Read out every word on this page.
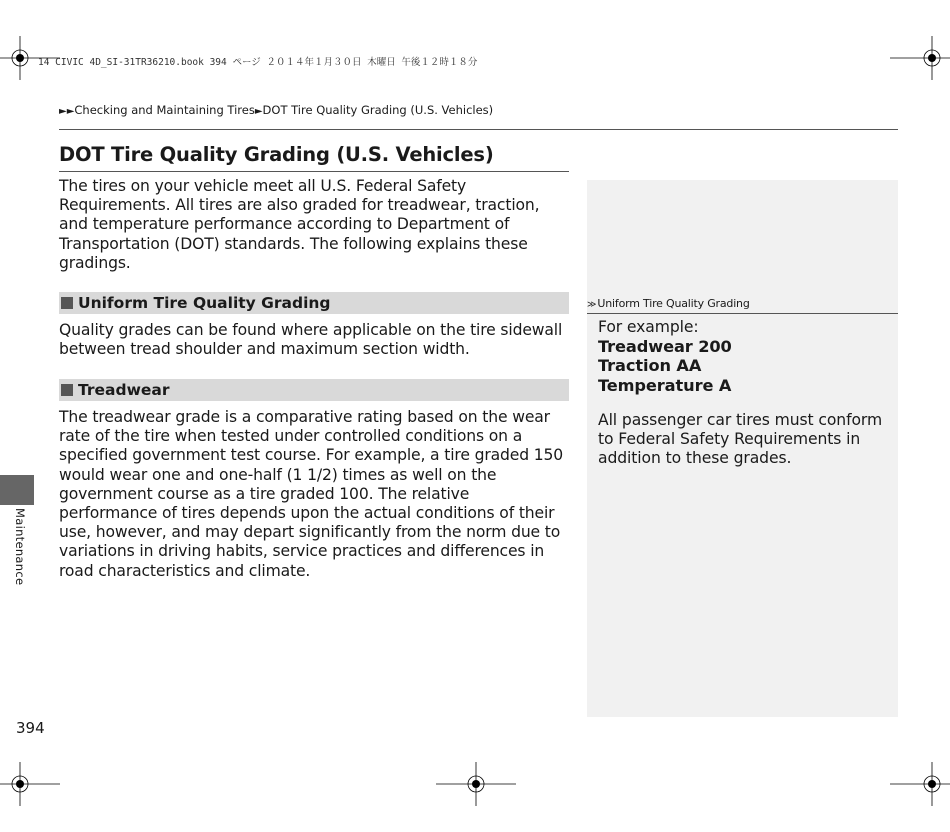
14 CIVIC 4D_SI-31TR36210.book 394 ページ ２０１４年１月３０日 木曜日 午後１２時１８分
►►Checking and Maintaining Tires►DOT Tire Quality Grading (U.S. Vehicles)
DOT Tire Quality Grading (U.S. Vehicles)

The tires on your vehicle meet all U.S. Federal Safety Requirements. All tires are also graded for treadwear, traction, and temperature performance according to Department of Transportation (DOT) standards. The following explains these gradings.

Uniform Tire Quality Grading

Quality grades can be found where applicable on the tire sidewall between tread shoulder and maximum section width.

Treadwear

The treadwear grade is a comparative rating based on the wear rate of the tire when tested under controlled conditions on a specified government test course. For example, a tire graded 150 would wear one and one-half (1 1/2) times as well on the government course as a tire graded 100. The relative performance of tires depends upon the actual conditions of their use, however, and may depart significantly from the norm due to variations in driving habits, service practices and differences in road characteristics and climate.

≫ Uniform Tire Quality Grading

For example:
Treadwear 200
Traction AA
Temperature A

All passenger car tires must conform to Federal Safety Requirements in addition to these grades.

Maintenance
394
